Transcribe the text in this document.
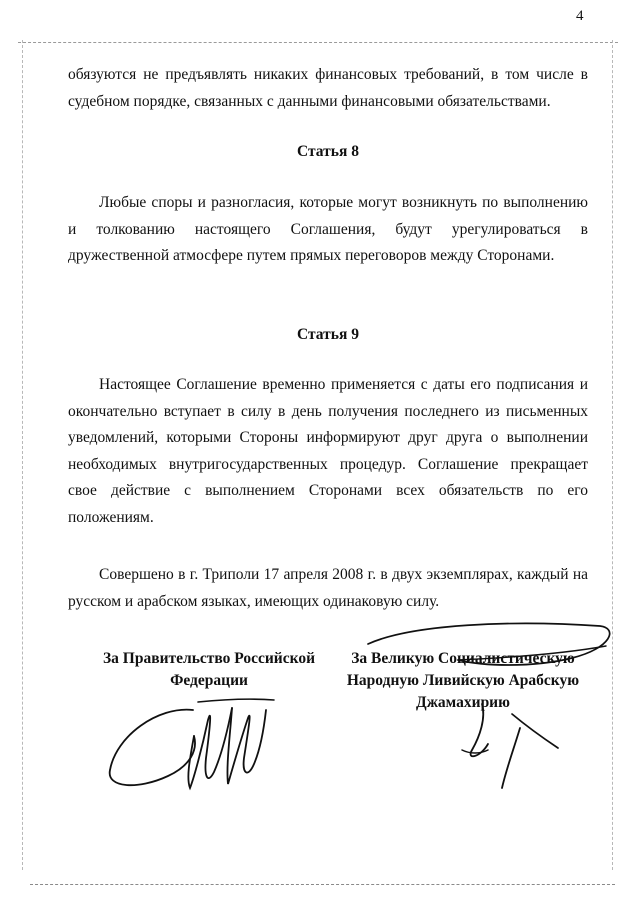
4

обязуются не предъявлять никаких финансовых требований, в том числе в судебном порядке, связанных с данными финансовыми обязательствами.

Статья 8

Любые споры и разногласия, которые могут возникнуть по выполнению и толкованию настоящего Соглашения, будут урегулироваться в дружественной атмосфере путем прямых переговоров между Сторонами.

Статья 9

Настоящее Соглашение временно применяется с даты его подписания и окончательно вступает в силу в день получения последнего из письменных уведомлений, которыми Стороны информируют друг друга о выполнении необходимых внутригосударственных процедур. Соглашение прекращает свое действие с выполнением Сторонами всех обязательств по его положениям.

Совершено в г. Триполи 17 апреля 2008 г. в двух экземплярах, каждый на русском и арабском языках, имеющих одинаковую силу.

За Правительство Российской
Федерации
За Великую Социалистическую
Народную Ливийскую Арабскую
Джамахирию
